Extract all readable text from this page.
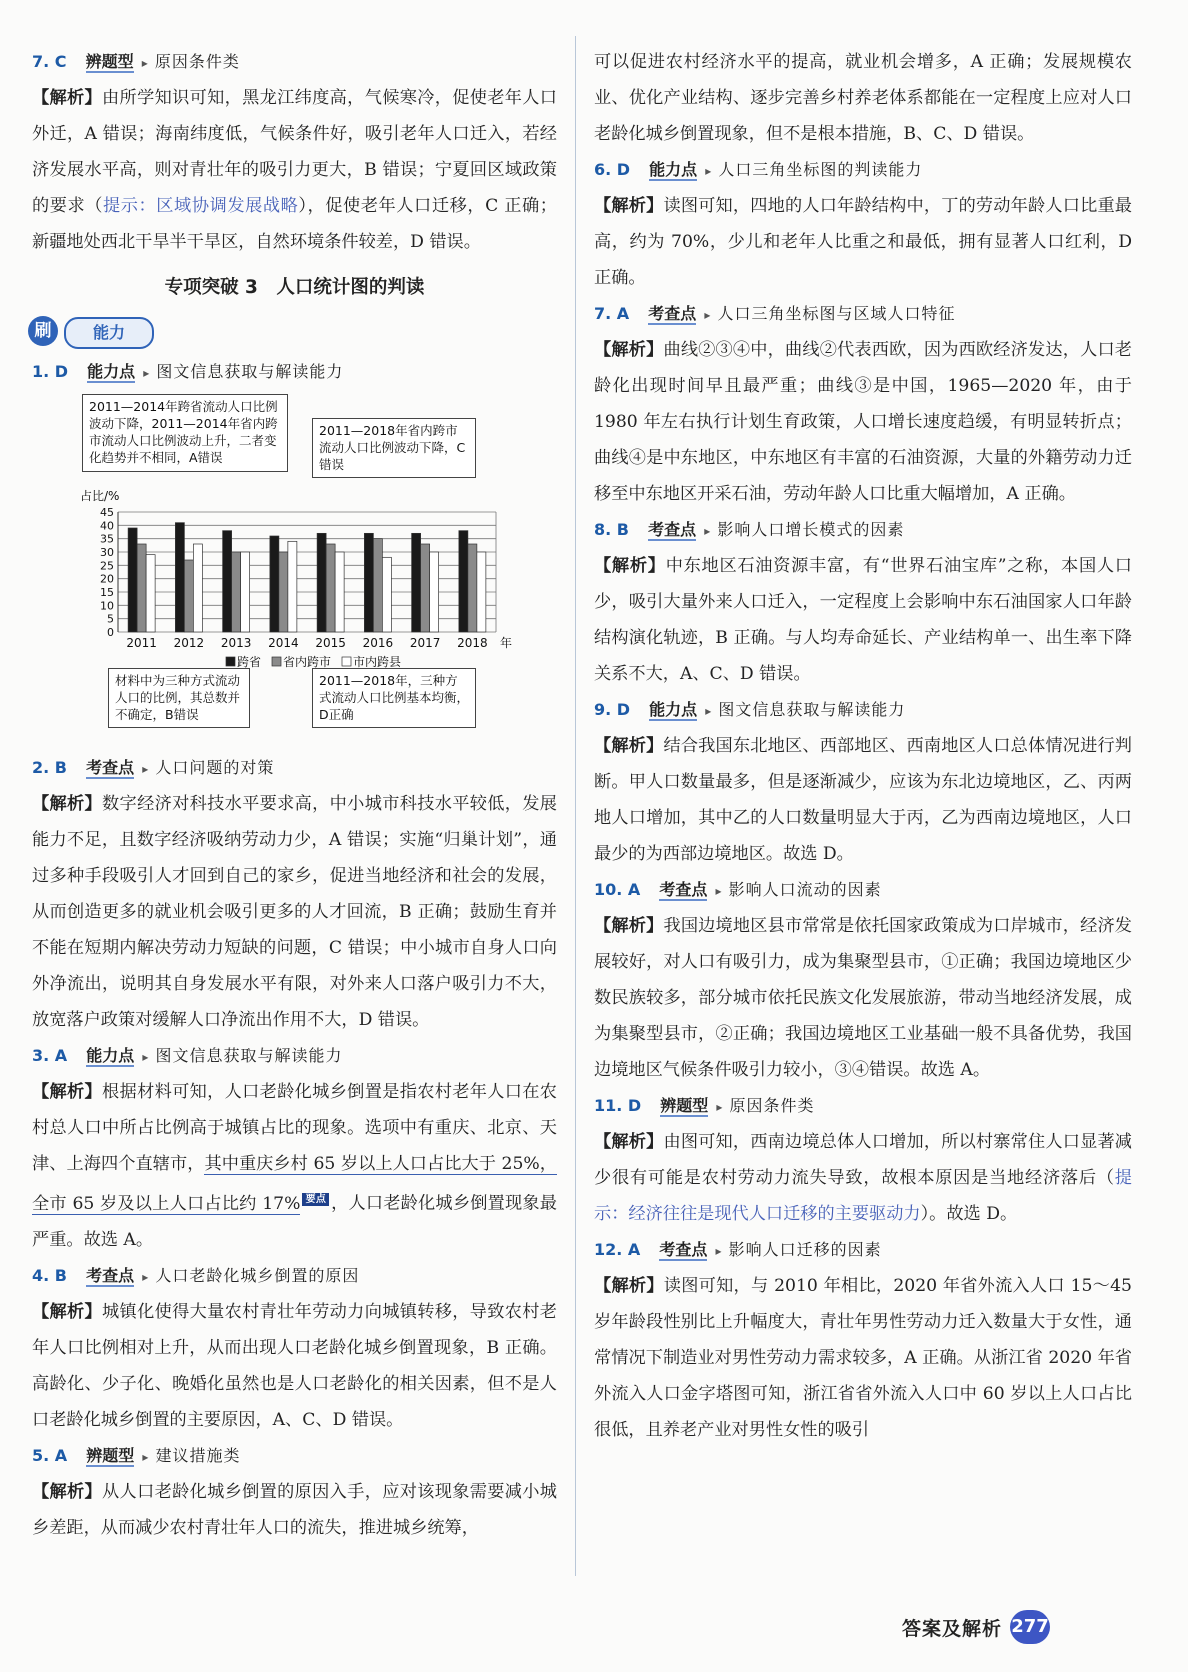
7. C 辨题型 ▸ 原因条件类

【解析】由所学知识可知，黑龙江纬度高，气候寒冷，促使老年人口外迁，A 错误；海南纬度低，气候条件好，吸引老年人口迁入，若经济发展水平高，则对青壮年的吸引力更大，B 错误；宁夏回区域政策的要求（提示：区域协调发展战略），促使老年人口迁移，C 正确；新疆地处西北干旱半干旱区，自然环境条件较差，D 错误。

专项突破 3　人口统计图的判读
刷	能力
1. D 能力点 ▸ 图文信息获取与解读能力
2011—2014年跨省流动人口比例波动下降，2011—2014年省内跨市流动人口比例波动上升，二者变化趋势并不相同，A错误
2011—2018年省内跨市流动人口比例波动下降，C错误
材料中为三种方式流动人口的比例，其总数并不确定，B错误
2011—2018年，三种方式流动人口比例基本均衡，D正确
占比/%
45
40
35
30
25
20
15
10
5
0
2011 2012 2013 2014 2015 2016 2017 2018 年
跨省 省内跨市 市内跨县
2. B 考查点 ▸ 人口问题的对策

【解析】数字经济对科技水平要求高，中小城市科技水平较低，发展能力不足，且数字经济吸纳劳动力少，A 错误；实施“归巢计划”，通过多种手段吸引人才回到自己的家乡，促进当地经济和社会的发展，从而创造更多的就业机会吸引更多的人才回流，B 正确；鼓励生育并不能在短期内解决劳动力短缺的问题，C 错误；中小城市自身人口向外净流出，说明其自身发展水平有限，对外来人口落户吸引力不大，放宽落户政策对缓解人口净流出作用不大，D 错误。

3. A 能力点 ▸ 图文信息获取与解读能力

【解析】根据材料可知，人口老龄化城乡倒置是指农村老年人口在农村总人口中所占比例高于城镇占比的现象。选项中有重庆、北京、天津、上海四个直辖市，其中重庆乡村 65 岁以上人口占比大于 25%，全市 65 岁及以上人口占比约 17% $^{要点}$ ，人口老龄化城乡倒置现象最严重。故选 A。

4. B 考查点 ▸ 人口老龄化城乡倒置的原因

【解析】城镇化使得大量农村青壮年劳动力向城镇转移，导致农村老年人口比例相对上升，从而出现人口老龄化城乡倒置现象，B 正确。高龄化、少子化、晚婚化虽然也是人口老龄化的相关因素，但不是人口老龄化城乡倒置的主要原因，A、C、D 错误。

5. A 辨题型 ▸ 建议措施类

【解析】从人口老龄化城乡倒置的原因入手，应对该现象需要减小城乡差距，从而减少农村青壮年人口的流失，推进城乡统筹，

可以促进农村经济水平的提高，就业机会增多，A 正确；发展规模农业、优化产业结构、逐步完善乡村养老体系都能在一定程度上应对人口老龄化城乡倒置现象，但不是根本措施，B、C、D 错误。

6. D 能力点 ▸ 人口三角坐标图的判读能力

【解析】读图可知，四地的人口年龄结构中，丁的劳动年龄人口比重最高，约为 70%，少儿和老年人比重之和最低，拥有显著人口红利，D 正确。

7. A 考查点 ▸ 人口三角坐标图与区域人口特征

【解析】曲线②③④中，曲线②代表西欧，因为西欧经济发达，人口老龄化出现时间早且最严重；曲线③是中国，1965—2020 年，由于 1980 年左右执行计划生育政策，人口增长速度趋缓，有明显转折点；曲线④是中东地区，中东地区有丰富的石油资源，大量的外籍劳动力迁移至中东地区开采石油，劳动年龄人口比重大幅增加，A 正确。

8. B 考查点 ▸ 影响人口增长模式的因素

【解析】中东地区石油资源丰富，有“世界石油宝库”之称，本国人口少，吸引大量外来人口迁入，一定程度上会影响中东石油国家人口年龄结构演化轨迹，B 正确。与人均寿命延长、产业结构单一、出生率下降关系不大，A、C、D 错误。

9. D 能力点 ▸ 图文信息获取与解读能力

【解析】结合我国东北地区、西部地区、西南地区人口总体情况进行判断。甲人口数量最多，但是逐渐减少，应该为东北边境地区，乙、丙两地人口增加，其中乙的人口数量明显大于丙，乙为西南边境地区，人口最少的为西部边境地区。故选 D。

10. A 考查点 ▸ 影响人口流动的因素

【解析】我国边境地区县市常常是依托国家政策成为口岸城市，经济发展较好，对人口有吸引力，成为集聚型县市，①正确；我国边境地区少数民族较多，部分城市依托民族文化发展旅游，带动当地经济发展，成为集聚型县市，②正确；我国边境地区工业基础一般不具备优势，我国边境地区气候条件吸引力较小，③④错误。故选 A。

11. D 辨题型 ▸ 原因条件类

【解析】由图可知，西南边境总体人口增加，所以村寨常住人口显著减少很有可能是农村劳动力流失导致，故根本原因是当地经济落后（提示：经济往往是现代人口迁移的主要驱动力）。故选 D。

12. A 考查点 ▸ 影响人口迁移的因素

【解析】读图可知，与 2010 年相比，2020 年省外流入人口 15～45 岁年龄段性别比上升幅度大，青壮年男性劳动力迁入数量大于女性，通常情况下制造业对男性劳动力需求较多，A 正确。从浙江省 2020 年省外流入人口金字塔图可知，浙江省省外流入人口中 60 岁以上人口占比很低，且养老产业对男性女性的吸引

答案及解析 277
